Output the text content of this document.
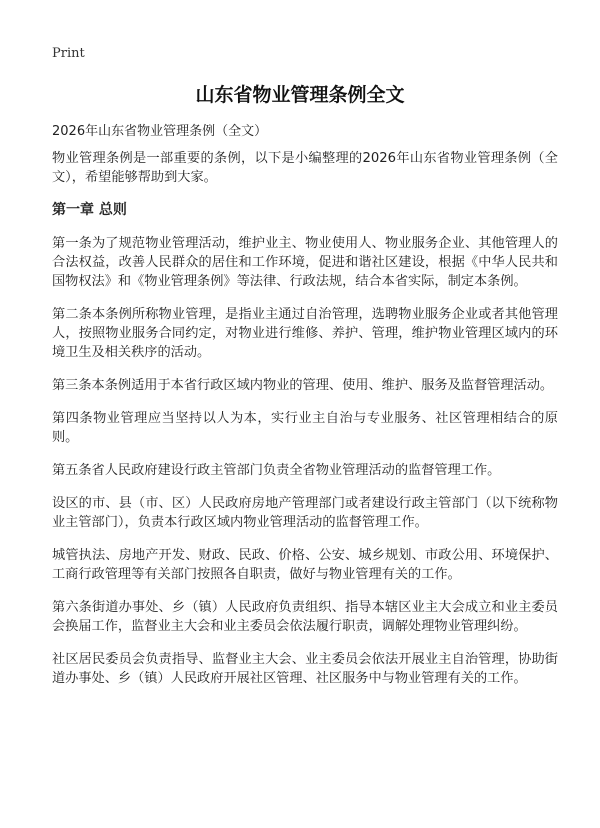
Print
山东省物业管理条例全文

2026年山东省物业管理条例（全文）

物业管理条例是一部重要的条例，以下是小编整理的2026年山东省物业管理条例（全文），希望能够帮助到大家。

第一章 总则

第一条为了规范物业管理活动，维护业主、物业使用人、物业服务企业、其他管理人的合法权益，改善人民群众的居住和工作环境，促进和谐社区建设，根据《中华人民共和国物权法》和《物业管理条例》等法律、行政法规，结合本省实际，制定本条例。

第二条本条例所称物业管理，是指业主通过自治管理，选聘物业服务企业或者其他管理人，按照物业服务合同约定，对物业进行维修、养护、管理，维护物业管理区域内的环境卫生及相关秩序的活动。

第三条本条例适用于本省行政区域内物业的管理、使用、维护、服务及监督管理活动。

第四条物业管理应当坚持以人为本，实行业主自治与专业服务、社区管理相结合的原则。

第五条省人民政府建设行政主管部门负责全省物业管理活动的监督管理工作。

设区的市、县（市、区）人民政府房地产管理部门或者建设行政主管部门（以下统称物业主管部门），负责本行政区域内物业管理活动的监督管理工作。

城管执法、房地产开发、财政、民政、价格、公安、城乡规划、市政公用、环境保护、工商行政管理等有关部门按照各自职责，做好与物业管理有关的工作。

第六条街道办事处、乡（镇）人民政府负责组织、指导本辖区业主大会成立和业主委员会换届工作，监督业主大会和业主委员会依法履行职责，调解处理物业管理纠纷。

社区居民委员会负责指导、监督业主大会、业主委员会依法开展业主自治管理，协助街道办事处、乡（镇）人民政府开展社区管理、社区服务中与物业管理有关的工作。
